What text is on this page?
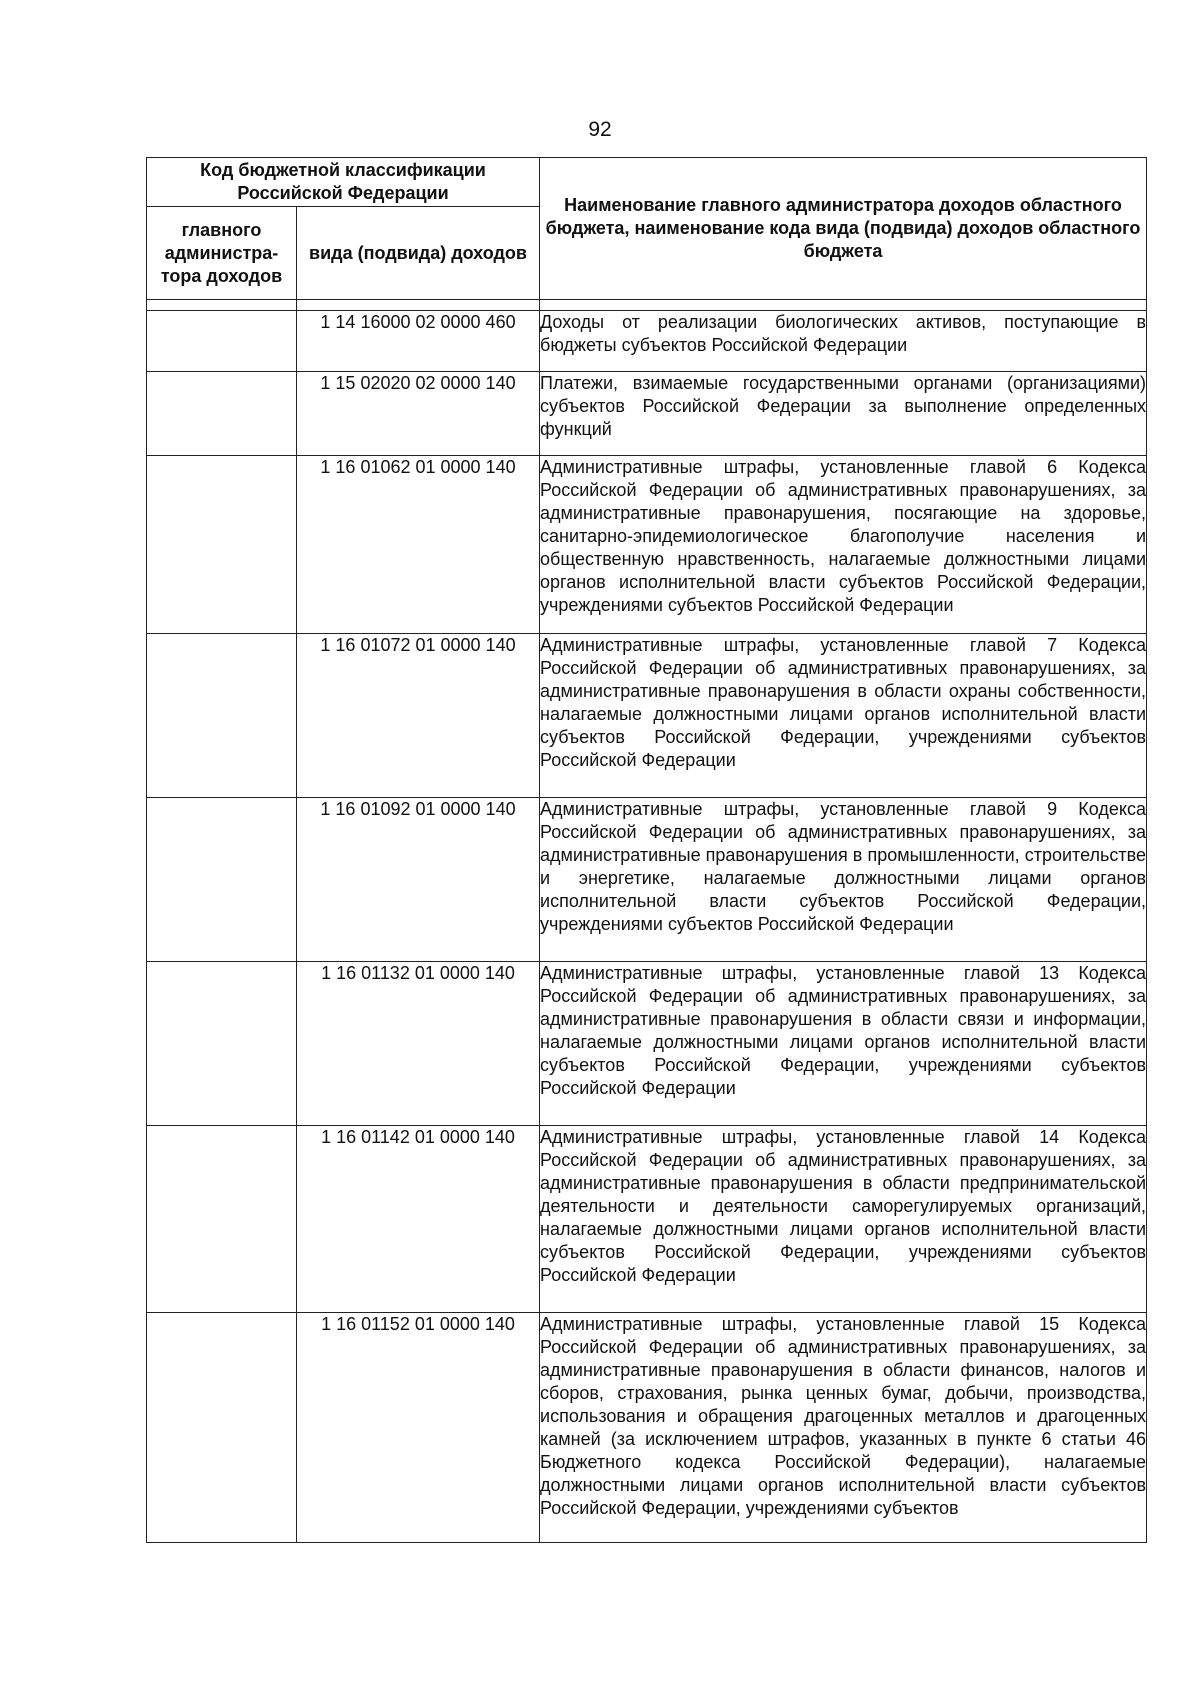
92
Код бюджетной классификации Российской Федерации		Наименование главного администратора доходов областного бюджета, наименование кода вида (подвида) доходов областного бюджета
главного администра-тора доходов	вида (подвида) доходов	

	1 14 16000 02 0000 460	Доходы от реализации биологических активов, поступающие в бюджеты субъектов Российской Федерации
	1 15 02020 02 0000 140	Платежи, взимаемые государственными органами (организациями) субъектов Российской Федерации за выполнение определенных функций
	1 16 01062 01 0000 140	Административные штрафы, установленные главой 6 Кодекса Российской Федерации об административных правонарушениях, за административные правонарушения, посягающие на здоровье, санитарно-эпидемиологическое благополучие населения и общественную нравственность, налагаемые должностными лицами органов исполнительной власти субъектов Российской Федерации, учреждениями субъектов Российской Федерации
	1 16 01072 01 0000 140	Административные штрафы, установленные главой 7 Кодекса Российской Федерации об административных правонарушениях, за административные правонарушения в области охраны собственности, налагаемые должностными лицами органов исполнительной власти субъектов Российской Федерации, учреждениями субъектов Российской Федерации
	1 16 01092 01 0000 140	Административные штрафы, установленные главой 9 Кодекса Российской Федерации об административных правонарушениях, за административные правонарушения в промышленности, строительстве и энергетике, налагаемые должностными лицами органов исполнительной власти субъектов Российской Федерации, учреждениями субъектов Российской Федерации
	1 16 01132 01 0000 140	Административные штрафы, установленные главой 13 Кодекса Российской Федерации об административных правонарушениях, за административные правонарушения в области связи и информации, налагаемые должностными лицами органов исполнительной власти субъектов Российской Федерации, учреждениями субъектов Российской Федерации
	1 16 01142 01 0000 140	Административные штрафы, установленные главой 14 Кодекса Российской Федерации об административных правонарушениях, за административные правонарушения в области предпринимательской деятельности и деятельности саморегулируемых организаций, налагаемые должностными лицами органов исполнительной власти субъектов Российской Федерации, учреждениями субъектов Российской Федерации
	1 16 01152 01 0000 140	Административные штрафы, установленные главой 15 Кодекса Российской Федерации об административных правонарушениях, за административные правонарушения в области финансов, налогов и сборов, страхования, рынка ценных бумаг, добычи, производства, использования и обращения драгоценных металлов и драгоценных камней (за исключением штрафов, указанных в пункте 6 статьи 46 Бюджетного кодекса Российской Федерации), налагаемые должностными лицами органов исполнительной власти субъектов Российской Федерации, учреждениями субъектов
